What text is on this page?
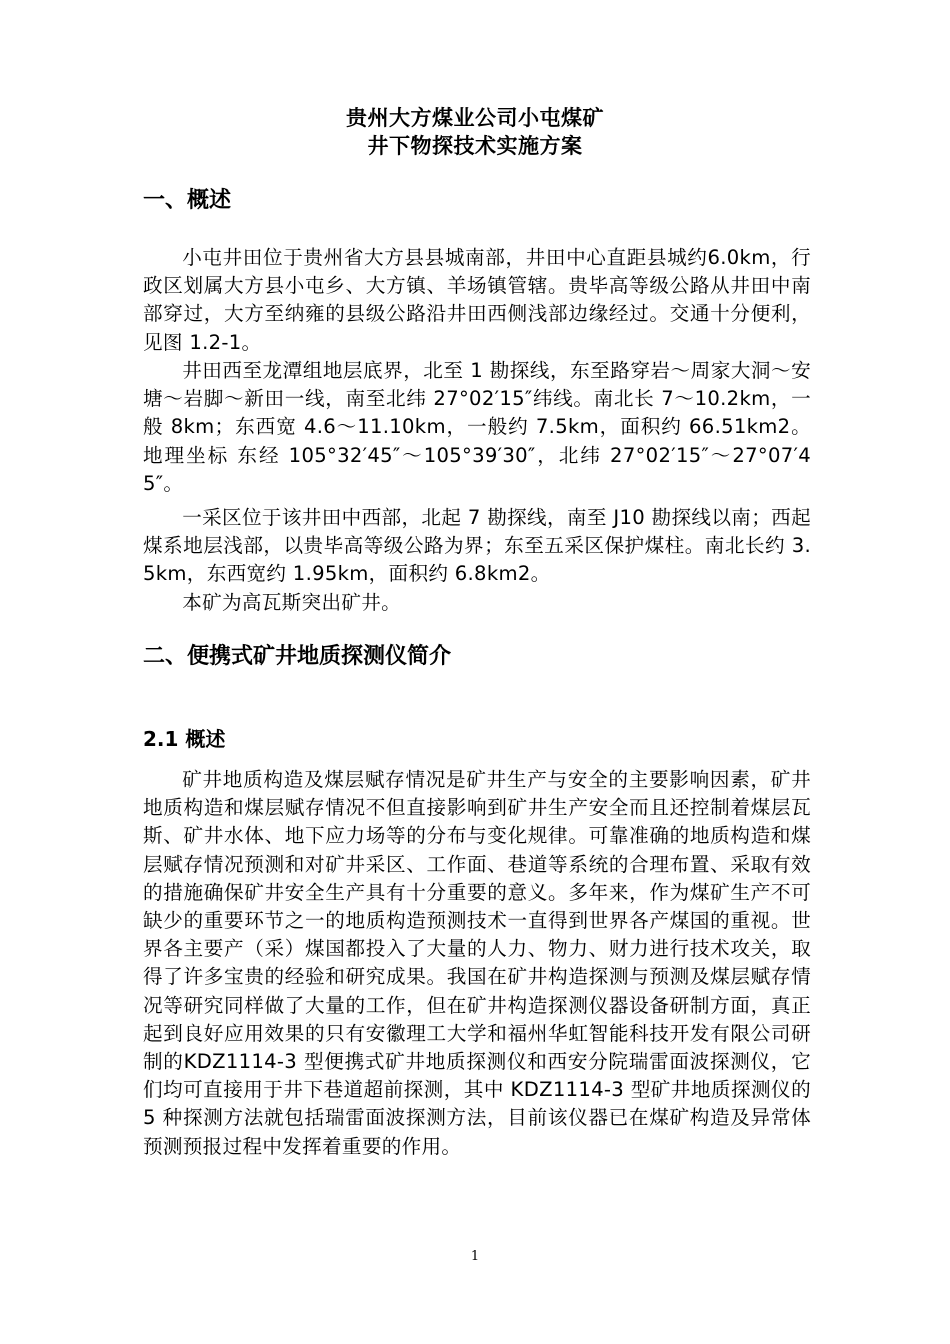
贵州大方煤业公司小屯煤矿
井下物探技术实施方案
一、概述

小屯井田位于贵州省大方县县城南部，井田中心直距县城约6.0km，行政区划属大方县小屯乡、大方镇、羊场镇管辖。贵毕高等级公路从井田中南部穿过，大方至纳雍的县级公路沿井田西侧浅部边缘经过。交通十分便利，见图 1.2-1。

井田西至龙潭组地层底界，北至 1 勘探线，东至路穿岩～周家大洞～安塘～岩脚～新田一线，南至北纬 27°02′15″纬线。南北长 7～10.2km，一般 8km；东西宽 4.6～11.10km，一般约 7.5km，面积约 66.51km2。地理坐标 东经 105°32′45″～105°39′30″，北纬 27°02′15″～27°07′45″。

一采区位于该井田中西部，北起 7 勘探线，南至 J10 勘探线以南；西起煤系地层浅部，以贵毕高等级公路为界；东至五采区保护煤柱。南北长约 3.5km，东西宽约 1.95km，面积约 6.8km2。

本矿为高瓦斯突出矿井。

二、便携式矿井地质探测仪简介
2.1 概述

矿井地质构造及煤层赋存情况是矿井生产与安全的主要影响因素，矿井地质构造和煤层赋存情况不但直接影响到矿井生产安全而且还控制着煤层瓦斯、矿井水体、地下应力场等的分布与变化规律。可靠准确的地质构造和煤层赋存情况预测和对矿井采区、工作面、巷道等系统的合理布置、采取有效的措施确保矿井安全生产具有十分重要的意义。多年来，作为煤矿生产不可缺少的重要环节之一的地质构造预测技术一直得到世界各产煤国的重视。世界各主要产（采）煤国都投入了大量的人力、物力、财力进行技术攻关，取得了许多宝贵的经验和研究成果。我国在矿井构造探测与预测及煤层赋存情况等研究同样做了大量的工作，但在矿井构造探测仪器设备研制方面，真正起到良好应用效果的只有安徽理工大学和福州华虹智能科技开发有限公司研制的KDZ1114-3 型便携式矿井地质探测仪和西安分院瑞雷面波探测仪，它们均可直接用于井下巷道超前探测，其中 KDZ1114-3 型矿井地质探测仪的 5 种探测方法就包括瑞雷面波探测方法，目前该仪器已在煤矿构造及异常体预测预报过程中发挥着重要的作用。

1
